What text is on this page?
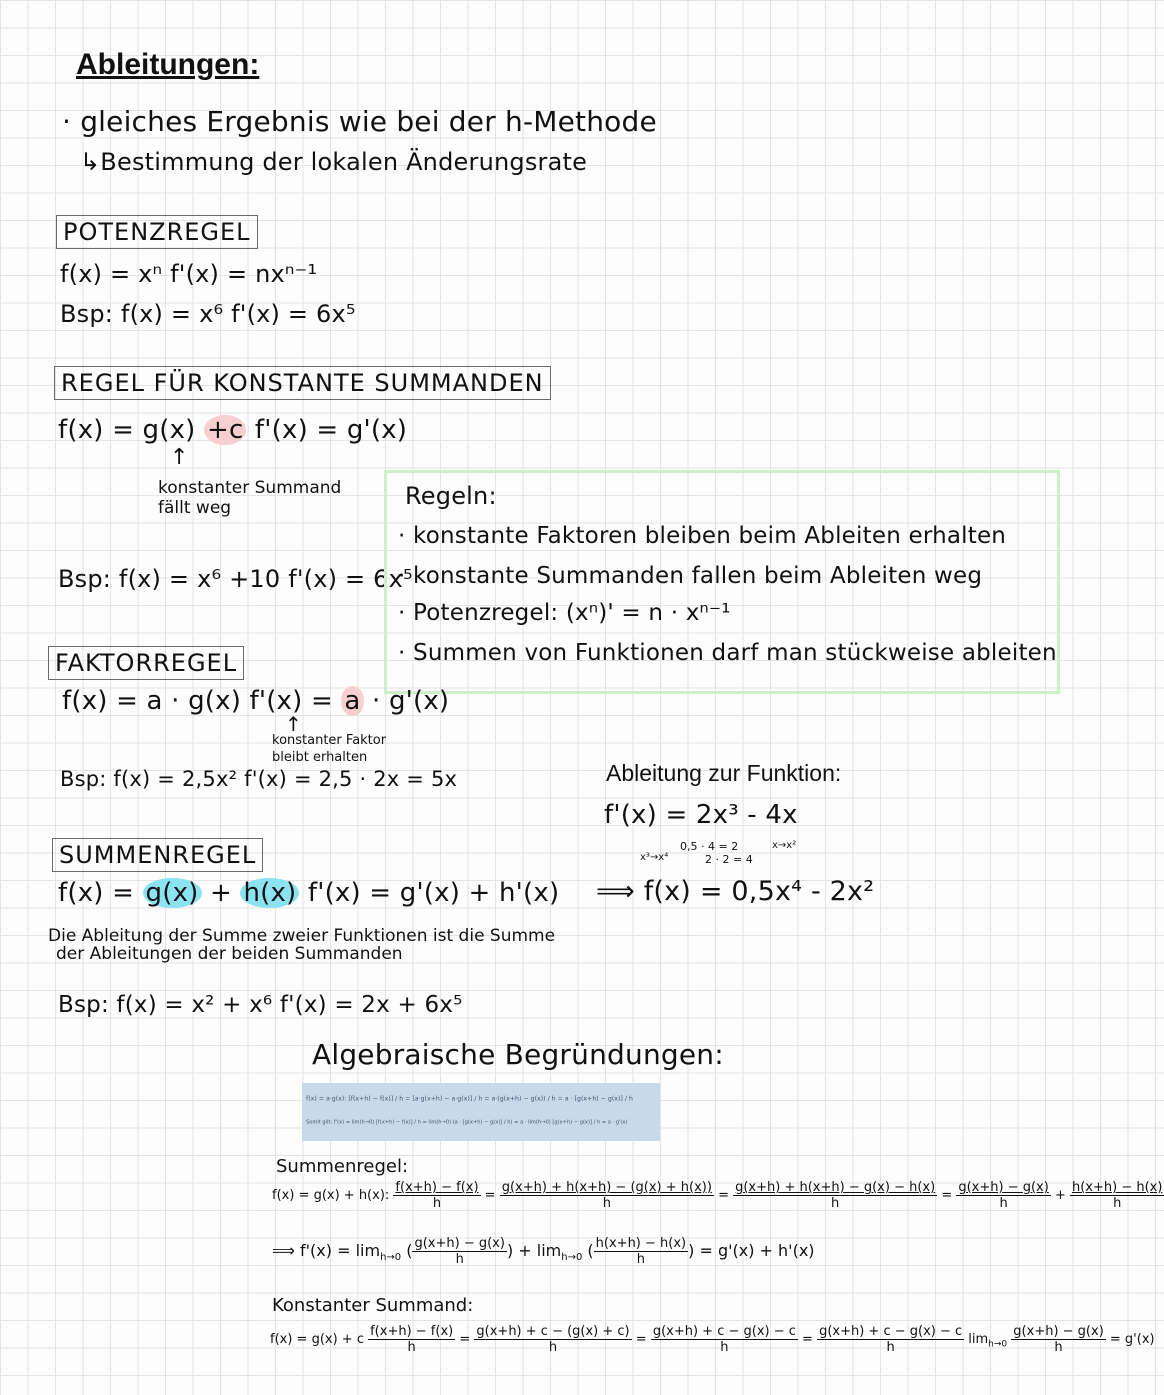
Ableitungen:
· gleiches Ergebnis wie bei der h-Methode
↳Bestimmung der lokalen Änderungsrate
POTENZREGEL
f(x) = xⁿ f'(x) = nxⁿ⁻¹
Bsp: f(x) = x⁶ f'(x) = 6x⁵
REGEL FÜR KONSTANTE SUMMANDEN
f(x) = g(x) +c f'(x) = g'(x)
↑
konstanter Summand
fällt weg
Bsp: f(x) = x⁶ +10 f'(x) = 6x⁵
Regeln:
· konstante Faktoren bleiben beim Ableiten erhalten
· konstante Summanden fallen beim Ableiten weg
· Potenzregel: (xⁿ)' = n · xⁿ⁻¹
· Summen von Funktionen darf man stückweise ableiten
FAKTORREGEL
f(x) = a · g(x) f'(x) = a · g'(x)
↑
konstanter Faktor
bleibt erhalten
Bsp: f(x) = 2,5x² f'(x) = 2,5 · 2x = 5x	Ableitung zur Funktion:
f'(x) = 2x³ - 4x
x³→x⁴
0,5 · 4 = 2
2 · 2 = 4
x→x²
⟹ f(x) = 0,5x⁴ - 2x²
SUMMENREGEL
f(x) = g(x) + h(x) f'(x) = g'(x) + h'(x)
Die Ableitung der Summe zweier Funktionen ist die Summe
der Ableitungen der beiden Summanden
Bsp: f(x) = x² + x⁶ f'(x) = 2x + 6x⁵
Algebraische Begründungen:
f(x) = a·g(x): [f(x+h) − f(x)] / h = [a·g(x+h) − a·g(x)] / h = a·(g(x+h) − g(x)) / h = a · [g(x+h) − g(x)] / h
Somit gilt: f'(x) = lim(h→0) [f(x+h) − f(x)] / h = lim(h→0) (a · [g(x+h) − g(x)] / h) = a · lim(h→0) [g(x+h) − g(x)] / h = a · g'(x)
Summenregel:
f(x) = g(x) + h(x): $\frac{f(x+h) - f(x)}{h} = \frac{g(x+h) + h(x+h) - (g(x) + h(x))}{h} = \frac{g(x+h) + h(x+h) - g(x) - h(x)}{h} = \frac{g(x+h) - g(x)}{h} + \frac{h(x+h) - h(x)}{h}$
⟹ $f'(x) = \lim_{h\to 0}$ ( $\frac{g(x+h) - g(x)}{h}$ ) + $\lim_{h\to 0}$ ( $\frac{h(x+h) - h(x)}{h}$ ) = g'(x) + h'(x)
Konstanter Summand:
f(x) = g(x) + c $\frac{f(x+h) - f(x)}{h} = \frac{g(x+h) + c - (g(x) + c)}{h} = \frac{g(x+h) + c - g(x) - c}{h} = \frac{g(x+h) + c - g(x) - c}{h} \lim_{h\to 0} \frac{g(x+h) - g(x)}{h} = g'(x)$
